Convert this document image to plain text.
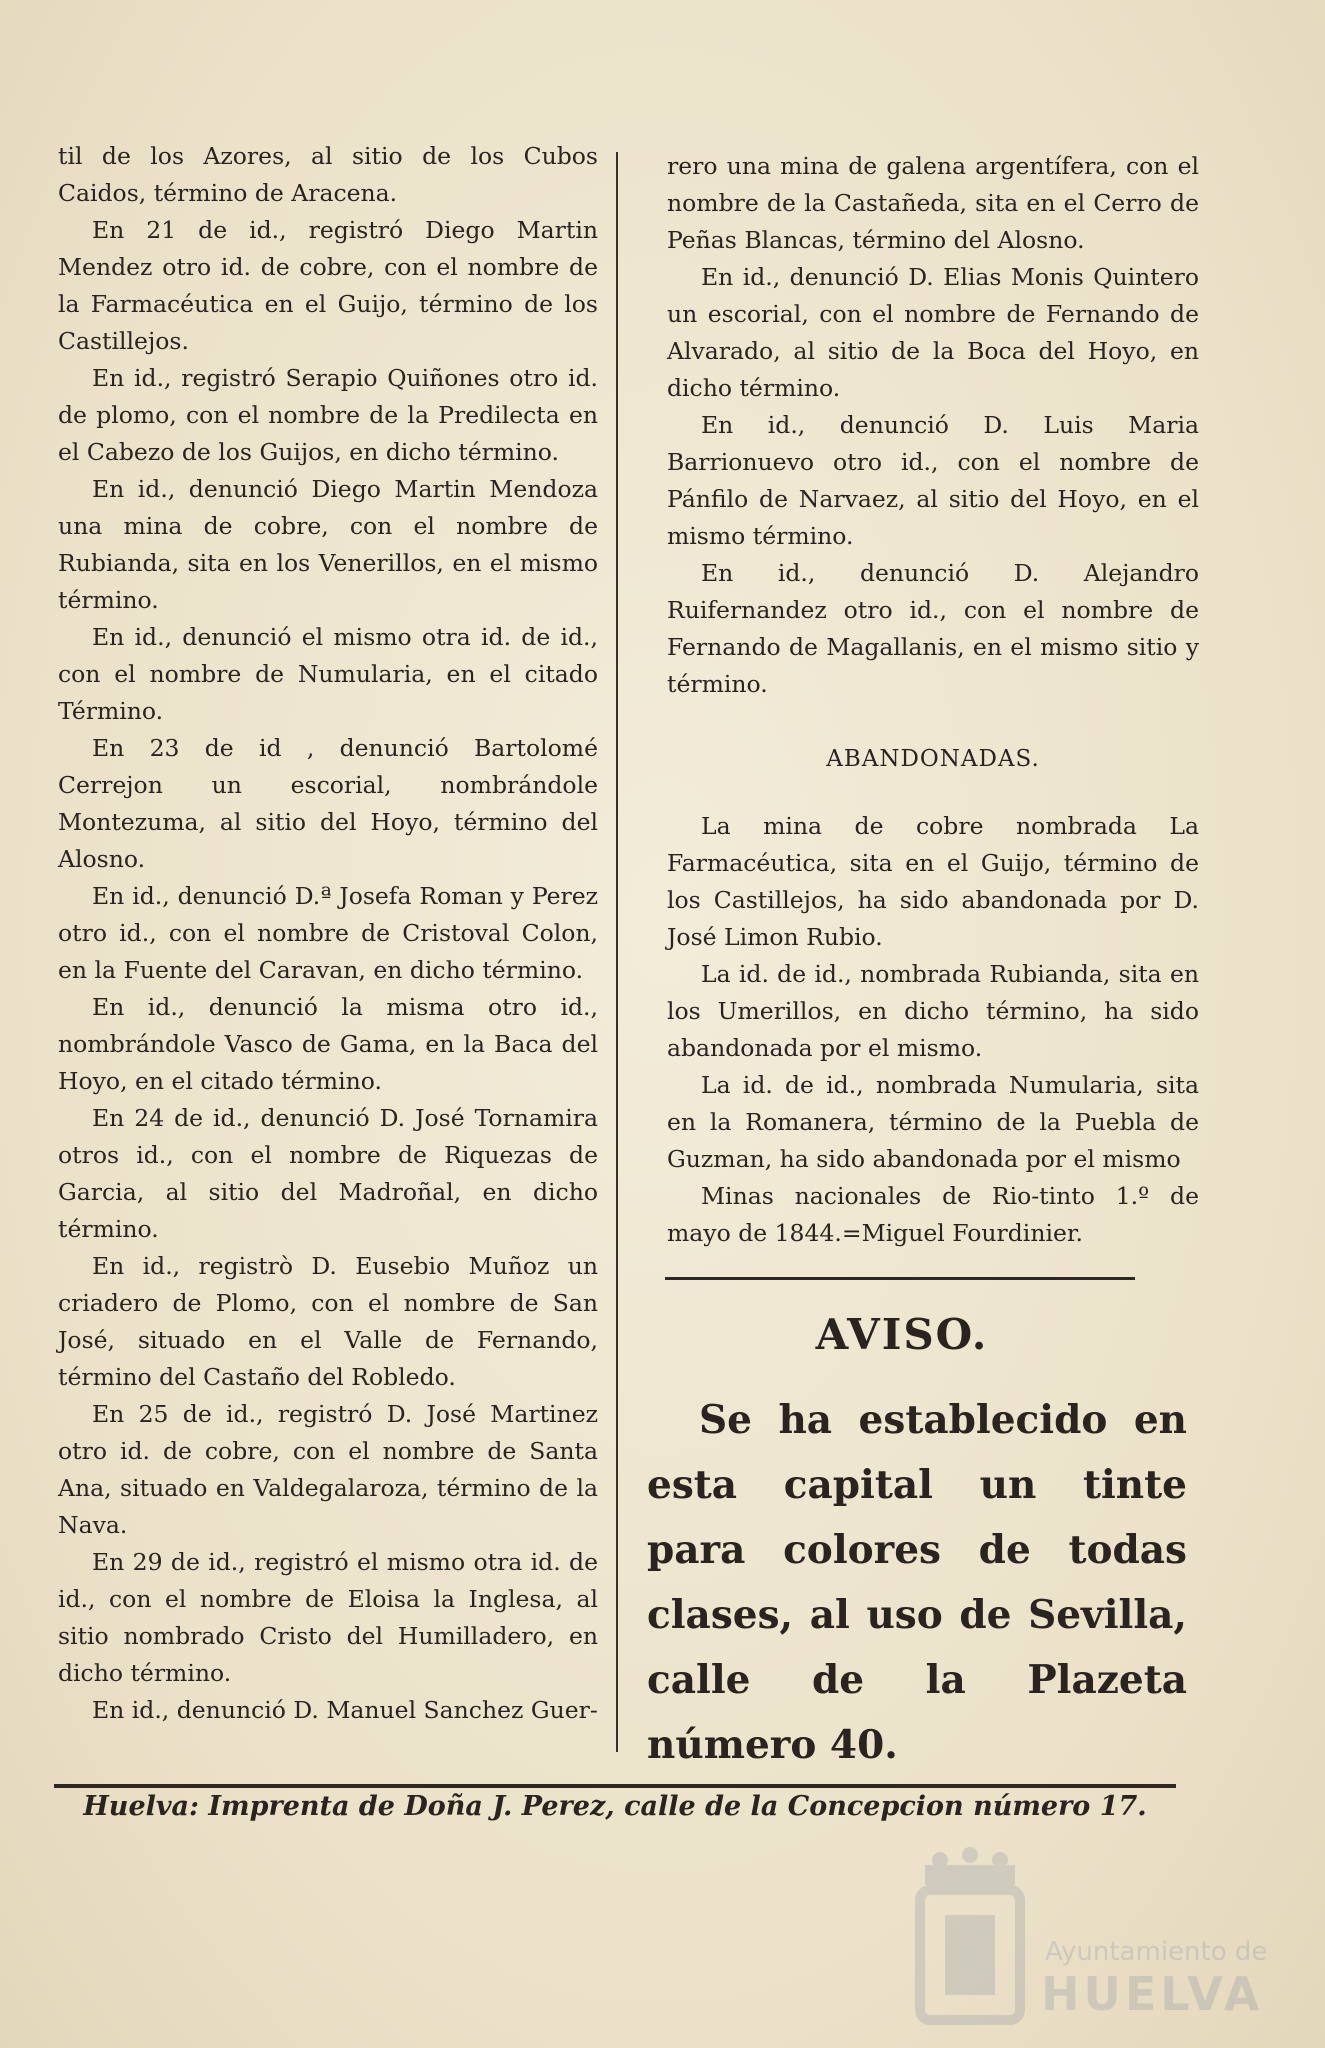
til de los Azores, al sitio de los Cubos Caidos, término de Aracena.

En 21 de id., registró Diego Martin Mendez otro id. de cobre, con el nombre de la Farmacéutica en el Guijo, término de los Castillejos.

En id., registró Serapio Quiñones otro id. de plomo, con el nombre de la Predilecta en el Cabezo de los Guijos, en dicho término.

En id., denunció Diego Martin Mendoza una mina de cobre, con el nombre de Rubianda, sita en los Venerillos, en el mismo término.

En id., denunció el mismo otra id. de id., con el nombre de Numularia, en el citado Término.

En 23 de id , denunció Bartolomé Cerrejon un escorial, nombrándole Montezuma, al sitio del Hoyo, término del Alosno.

En id., denunció D.ª Josefa Roman y Perez otro id., con el nombre de Cristoval Colon, en la Fuente del Caravan, en dicho término.

En id., denunció la misma otro id., nombrándole Vasco de Gama, en la Baca del Hoyo, en el citado término.

En 24 de id., denunció D. José Tornamira otros id., con el nombre de Riquezas de Garcia, al sitio del Madroñal, en dicho término.

En id., registrò D. Eusebio Muñoz un criadero de Plomo, con el nombre de San José, situado en el Valle de Fernando, término del Castaño del Robledo.

En 25 de id., registró D. José Martinez otro id. de cobre, con el nombre de Santa Ana, situado en Valdegalaroza, término de la Nava.

En 29 de id., registró el mismo otra id. de id., con el nombre de Eloisa la Inglesa, al sitio nombrado Cristo del Humilladero, en dicho término.

En id., denunció D. Manuel Sanchez Guer-

rero una mina de galena argentífera, con el nombre de la Castañeda, sita en el Cerro de Peñas Blancas, término del Alosno.

En id., denunció D. Elias Monis Quintero un escorial, con el nombre de Fernando de Alvarado, al sitio de la Boca del Hoyo, en dicho término.

En id., denunció D. Luis Maria Barrionuevo otro id., con el nombre de Pánfilo de Narvaez, al sitio del Hoyo, en el mismo término.

En id., denunció D. Alejandro Ruifernandez otro id., con el nombre de Fernando de Magallanis, en el mismo sitio y término.

ABANDONADAS.

La mina de cobre nombrada La Farmacéutica, sita en el Guijo, término de los Castillejos, ha sido abandonada por D. José Limon Rubio.

La id. de id., nombrada Rubianda, sita en los Umerillos, en dicho término, ha sido abandonada por el mismo.

La id. de id., nombrada Numularia, sita en la Romanera, término de la Puebla de Guzman, ha sido abandonada por el mismo

Minas nacionales de Rio-tinto 1.º de mayo de 1844.=Miguel Fourdinier.

AVISO.

Se ha establecido en esta capital un tinte para colores de todas clases, al uso de Sevilla, calle de la Plazeta número 40.

Huelva: Imprenta de Doña J. Perez, calle de la Concepcion número 17.
Ayuntamiento de
HUELVA
